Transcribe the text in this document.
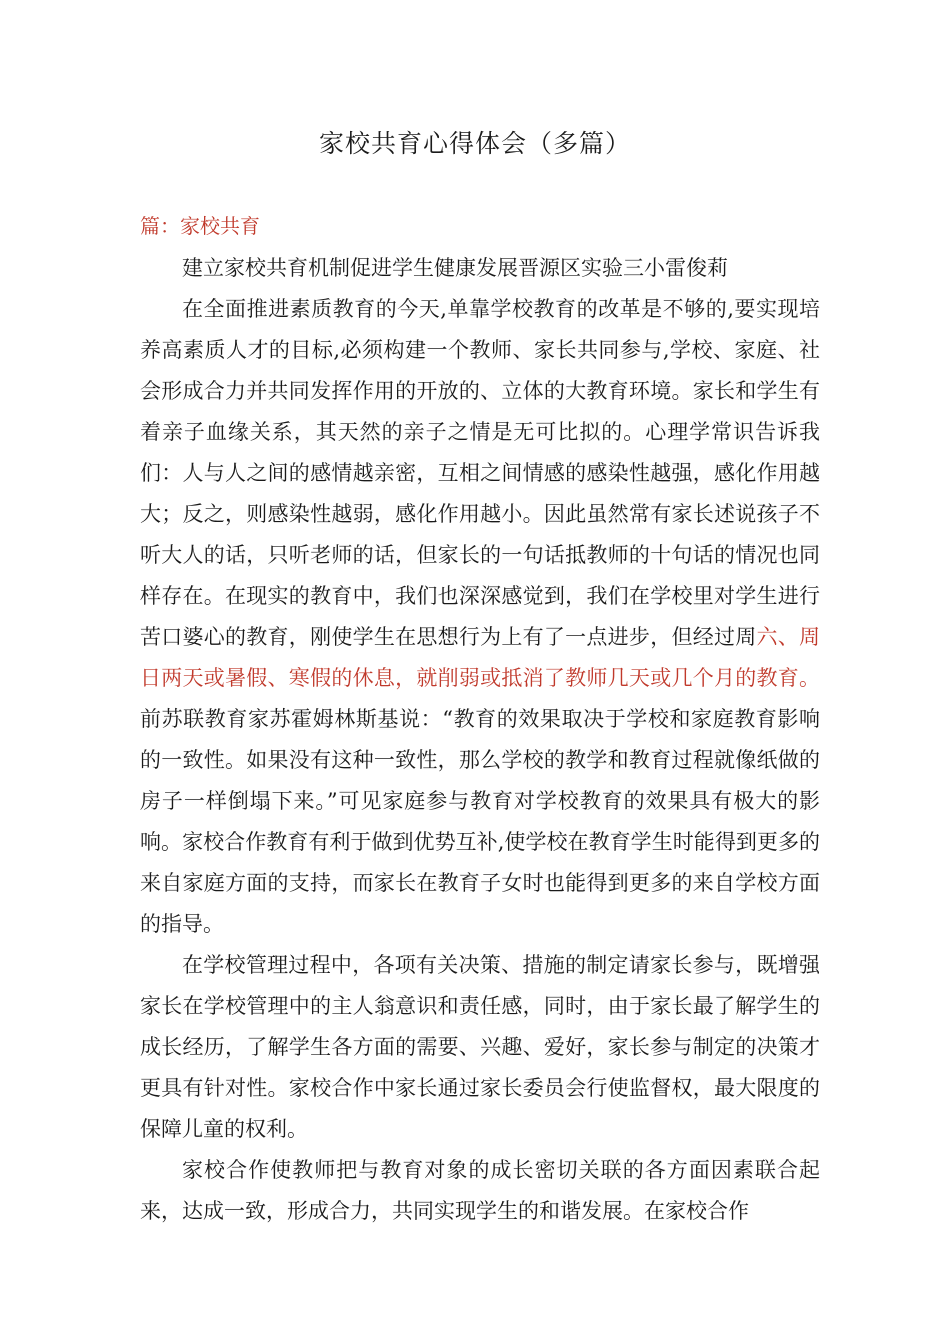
家校共育心得体会（多篇）
篇：家校共育

建立家校共育机制促进学生健康发展晋源区实验三小雷俊莉

在全面推进素质教育的今天,单靠学校教育的改革是不够的,要实现培养高素质人才的目标,必须构建一个教师、家长共同参与,学校、家庭、社会形成合力并共同发挥作用的开放的、立体的大教育环境。家长和学生有着亲子血缘关系，其天然的亲子之情是无可比拟的。心理学常识告诉我们：人与人之间的感情越亲密，互相之间情感的感染性越强，感化作用越大；反之，则感染性越弱，感化作用越小。因此虽然常有家长述说孩子不听大人的话，只听老师的话，但家长的一句话抵教师的十句话的情况也同样存在。在现实的教育中，我们也深深感觉到，我们在学校里对学生进行苦口婆心的教育，刚使学生在思想行为上有了一点进步，但经过周六、周日两天或暑假、寒假的休息，就削弱或抵消了教师几天或几个月的教育。前苏联教育家苏霍姆林斯基说：“教育的效果取决于学校和家庭教育影响的一致性。如果没有这种一致性，那么学校的教学和教育过程就像纸做的房子一样倒塌下来。”可见家庭参与教育对学校教育的效果具有极大的影响。家校合作教育有利于做到优势互补,使学校在教育学生时能得到更多的来自家庭方面的支持，而家长在教育子女时也能得到更多的来自学校方面的指导。

在学校管理过程中，各项有关决策、措施的制定请家长参与，既增强家长在学校管理中的主人翁意识和责任感，同时，由于家长最了解学生的成长经历，了解学生各方面的需要、兴趣、爱好，家长参与制定的决策才更具有针对性。家校合作中家长通过家长委员会行使监督权，最大限度的保障儿童的权利。

家校合作使教师把与教育对象的成长密切关联的各方面因素联合起来，达成一致，形成合力，共同实现学生的和谐发展。在家校合作
